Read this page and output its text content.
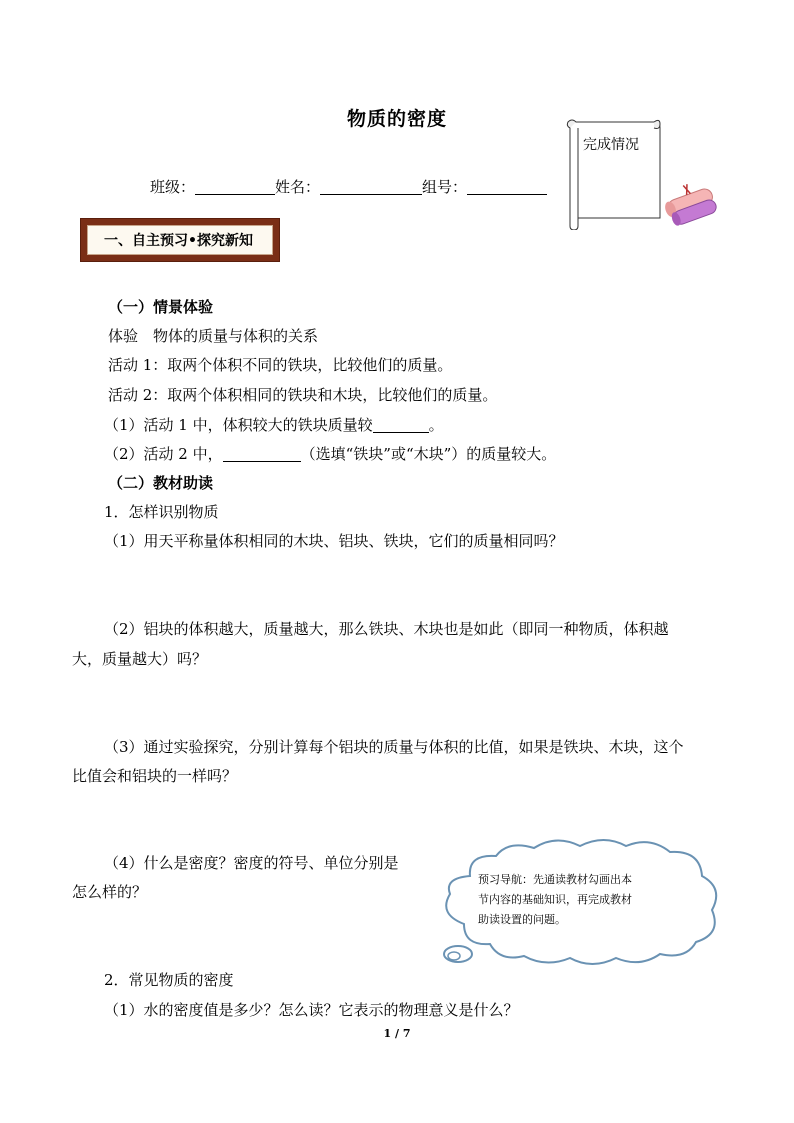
物质的密度
班级：	姓名：	组号：
完成情况
一、自主预习•探究新知
（一）情景体验
体验　物体的质量与体积的关系
活动 1：取两个体积不同的铁块，比较他们的质量。
活动 2：取两个体积相同的铁块和木块，比较他们的质量。
（1）活动 1 中，体积较大的铁块质量较	。
（2）活动 2 中，	（选填“铁块”或“木块”）的质量较大。
（二）教材助读
1．怎样识别物质
（1）用天平称量体积相同的木块、铝块、铁块，它们的质量相同吗？
（2）铝块的体积越大，质量越大，那么铁块、木块也是如此（即同一种物质，体积越
大，质量越大）吗？
（3）通过实验探究，分别计算每个铝块的质量与体积的比值，如果是铁块、木块，这个
比值会和铝块的一样吗？
（4）什么是密度？密度的符号、单位分别是
怎么样的？
预习导航：先通读教材勾画出本
节内容的基础知识，再完成教材
助读设置的问题。
2．常见物质的密度
（1）水的密度值是多少？怎么读？它表示的物理意义是什么？
1 / 7
